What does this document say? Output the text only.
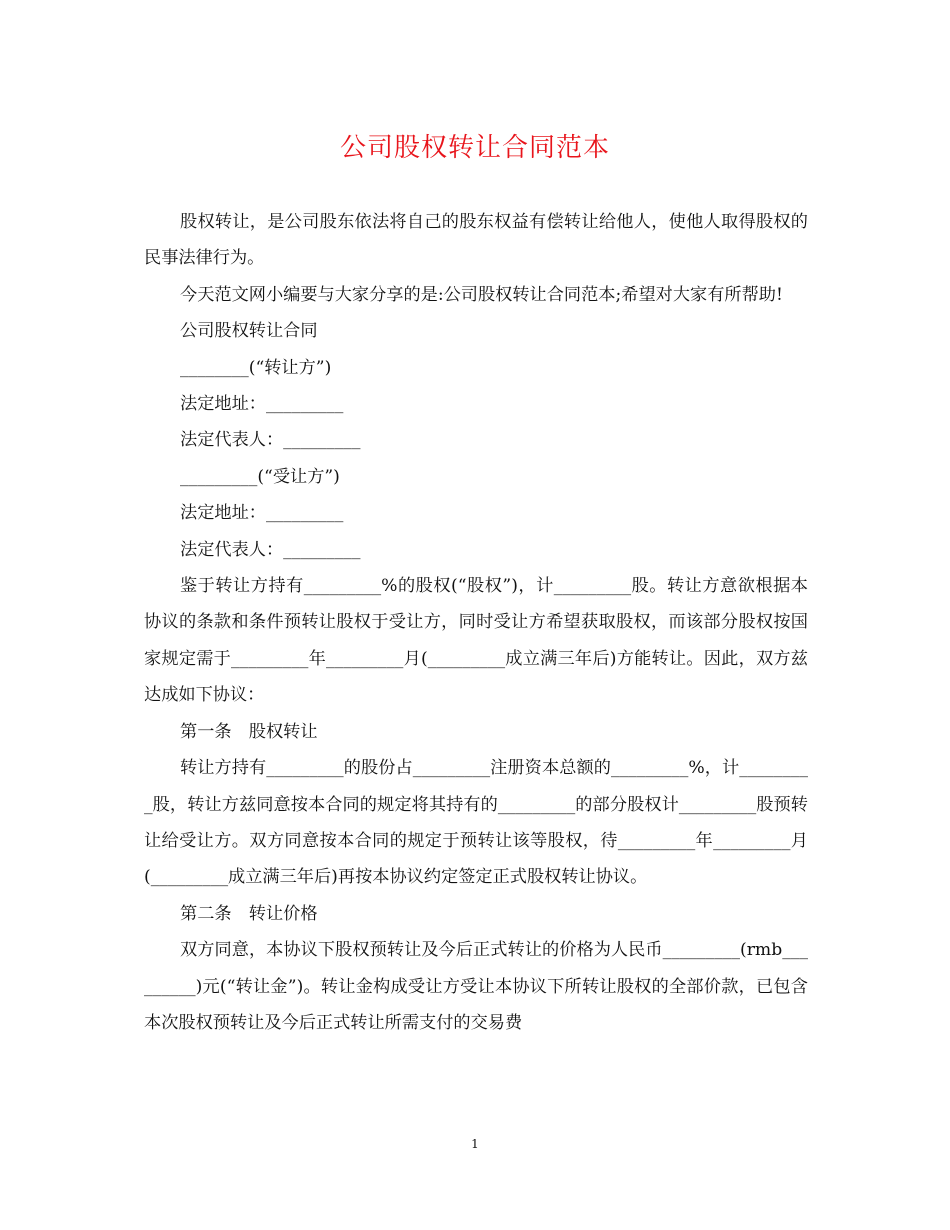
公司股权转让合同范本

股权转让，是公司股东依法将自己的股东权益有偿转让给他人，使他人取得股权的民事法律行为。

今天范文网小编要与大家分享的是:公司股权转让合同范本;希望对大家有所帮助!

公司股权转让合同

________(“转让方”)

法定地址：_________

法定代表人：_________

_________(“受让方”)

法定地址：_________

法定代表人：_________

鉴于转让方持有_________%的股权(“股权”)，计_________股。转让方意欲根据本协议的条款和条件预转让股权于受让方，同时受让方希望获取股权，而该部分股权按国家规定需于_________年_________月(_________成立满三年后)方能转让。因此，双方兹达成如下协议：

第一条　股权转让

转让方持有_________的股份占_________注册资本总额的_________%，计_________股，转让方兹同意按本合同的规定将其持有的_________的部分股权计_________股预转让给受让方。双方同意按本合同的规定于预转让该等股权，待_________年_________月(_________成立满三年后)再按本协议约定签定正式股权转让协议。

第二条　转让价格

双方同意，本协议下股权预转让及今后正式转让的价格为人民币_________(rmb_________)元(“转让金”)。转让金构成受让方受让本协议下所转让股权的全部价款，已包含本次股权预转让及今后正式转让所需支付的交易费

1
